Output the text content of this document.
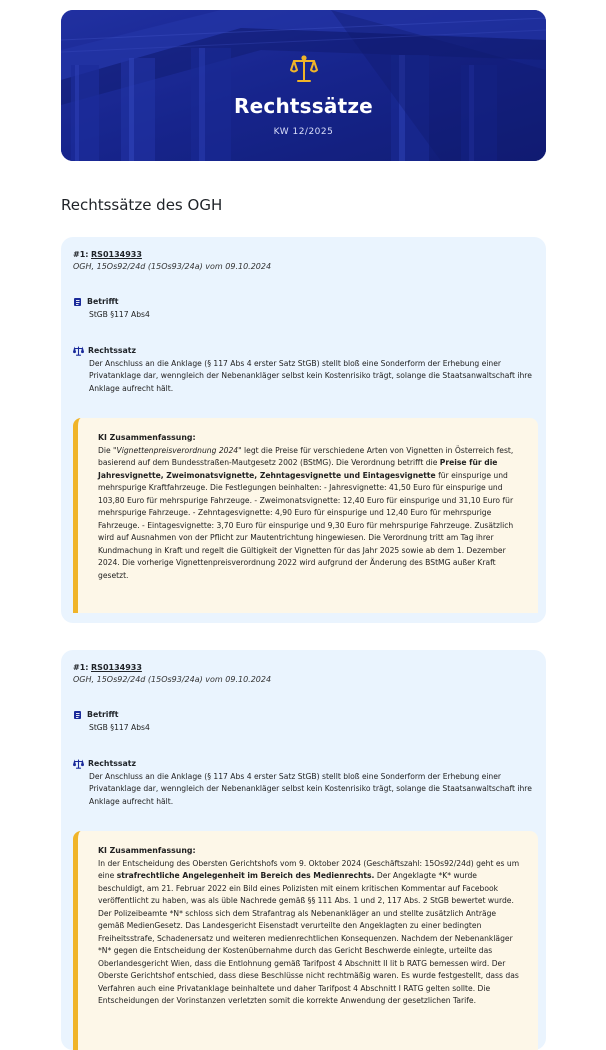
Rechtssätze
KW 12/2025
Rechtssätze des OGH
#1: RS0134933
OGH, 15Os92/24d (15Os93/24a) vom 09.10.2024
Betrifft
StGB §117 Abs4
Rechtssatz
Der Anschluss an die Anklage (§ 117 Abs 4 erster Satz StGB) stellt bloß eine Sonderform der Erhebung einer Privatanklage dar, wenngleich der Nebenankläger selbst kein Kostenrisiko trägt, solange die Staatsanwaltschaft ihre Anklage aufrecht hält.
KI Zusammenfassung:
Die "Vignettenpreisverordnung 2024" legt die Preise für verschiedene Arten von Vignetten in Österreich fest, basierend auf dem Bundesstraßen-Mautgesetz 2002 (BStMG). Die Verordnung betrifft die Preise für die Jahresvignette, Zweimonatsvignette, Zehntagesvignette und Eintagesvignette für einspurige und mehrspurige Kraftfahrzeuge. Die Festlegungen beinhalten: - Jahresvignette: 41,50 Euro für einspurige und 103,80 Euro für mehrspurige Fahrzeuge. - Zweimonatsvignette: 12,40 Euro für einspurige und 31,10 Euro für mehrspurige Fahrzeuge. - Zehntagesvignette: 4,90 Euro für einspurige und 12,40 Euro für mehrspurige Fahrzeuge. - Eintagesvignette: 3,70 Euro für einspurige und 9,30 Euro für mehrspurige Fahrzeuge. Zusätzlich wird auf Ausnahmen von der Pflicht zur Mautentrichtung hingewiesen. Die Verordnung tritt am Tag ihrer Kundmachung in Kraft und regelt die Gültigkeit der Vignetten für das Jahr 2025 sowie ab dem 1. Dezember 2024. Die vorherige Vignettenpreisverordnung 2022 wird aufgrund der Änderung des BStMG außer Kraft gesetzt.
#1: RS0134933
OGH, 15Os92/24d (15Os93/24a) vom 09.10.2024
Betrifft
StGB §117 Abs4
Rechtssatz
Der Anschluss an die Anklage (§ 117 Abs 4 erster Satz StGB) stellt bloß eine Sonderform der Erhebung einer Privatanklage dar, wenngleich der Nebenankläger selbst kein Kostenrisiko trägt, solange die Staatsanwaltschaft ihre Anklage aufrecht hält.
KI Zusammenfassung:
In der Entscheidung des Obersten Gerichtshofs vom 9. Oktober 2024 (Geschäftszahl: 15Os92/24d) geht es um eine strafrechtliche Angelegenheit im Bereich des Medienrechts. Der Angeklagte *K* wurde beschuldigt, am 21. Februar 2022 ein Bild eines Polizisten mit einem kritischen Kommentar auf Facebook veröffentlicht zu haben, was als üble Nachrede gemäß §§ 111 Abs. 1 und 2, 117 Abs. 2 StGB bewertet wurde. Der Polizeibeamte *N* schloss sich dem Strafantrag als Nebenankläger an und stellte zusätzlich Anträge gemäß MedienGesetz. Das Landesgericht Eisenstadt verurteilte den Angeklagten zu einer bedingten Freiheitsstrafe, Schadenersatz und weiteren medienrechtlichen Konsequenzen. Nachdem der Nebenankläger *N* gegen die Entscheidung der Kostenübernahme durch das Gericht Beschwerde einlegte, urteilte das Oberlandesgericht Wien, dass die Entlohnung gemäß Tarifpost 4 Abschnitt II lit b RATG bemessen wird. Der Oberste Gerichtshof entschied, dass diese Beschlüsse nicht rechtmäßig waren. Es wurde festgestellt, dass das Verfahren auch eine Privatanklage beinhaltete und daher Tarifpost 4 Abschnitt I RATG gelten sollte. Die Entscheidungen der Vorinstanzen verletzten somit die korrekte Anwendung der gesetzlichen Tarife.
